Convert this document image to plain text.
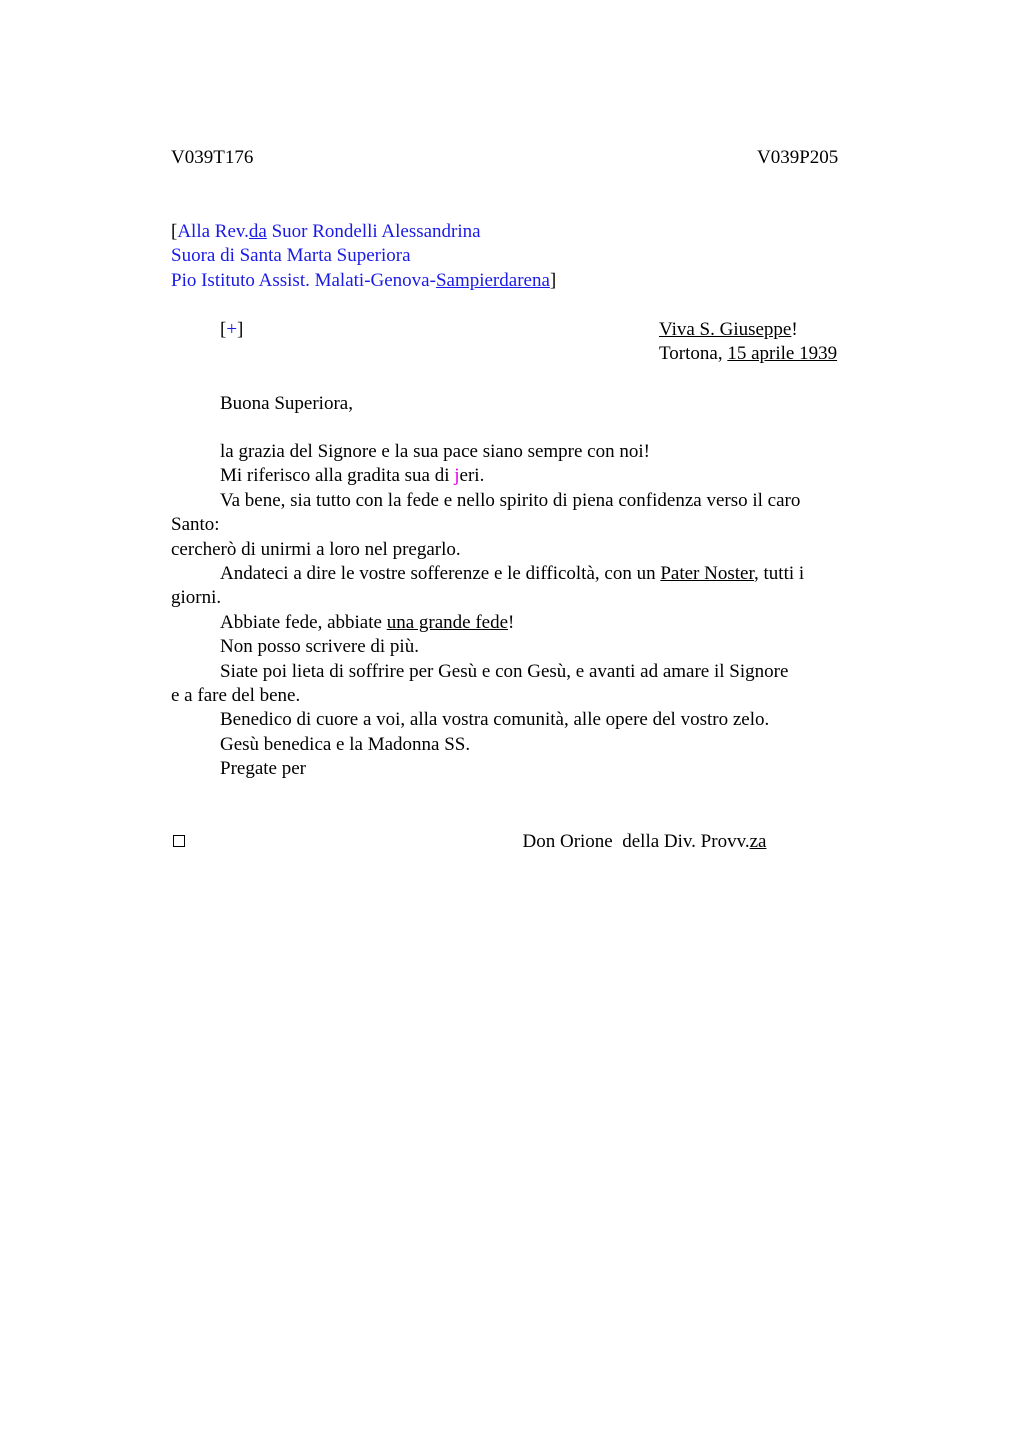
V039T176	V039P205
[Alla Rev.da Suor Rondelli Alessandrina
Suora di Santa Marta Superiora
Pio Istituto Assist. Malati-Genova-Sampierdarena]
[+]	Viva S. Giuseppe!
Tortona, 15 aprile 1939
Buona Superiora,
la grazia del Signore e la sua pace siano sempre con noi!
Mi riferisco alla gradita sua di jeri.
Va bene, sia tutto con la fede e nello spirito di piena confidenza verso il caro
Santo:
cercherò di unirmi a loro nel pregarlo.
Andateci a dire le vostre sofferenze e le difficoltà, con un Pater Noster, tutti i
giorni.
Abbiate fede, abbiate una grande fede!
Non posso scrivere di più.
Siate poi lieta di soffrire per Gesù e con Gesù, e avanti ad amare il Signore
e a fare del bene.
Benedico di cuore a voi, alla vostra comunità, alle opere del vostro zelo.
Gesù benedica e la Madonna SS.
Pregate per

Don Orione  della Div. Provv.za
